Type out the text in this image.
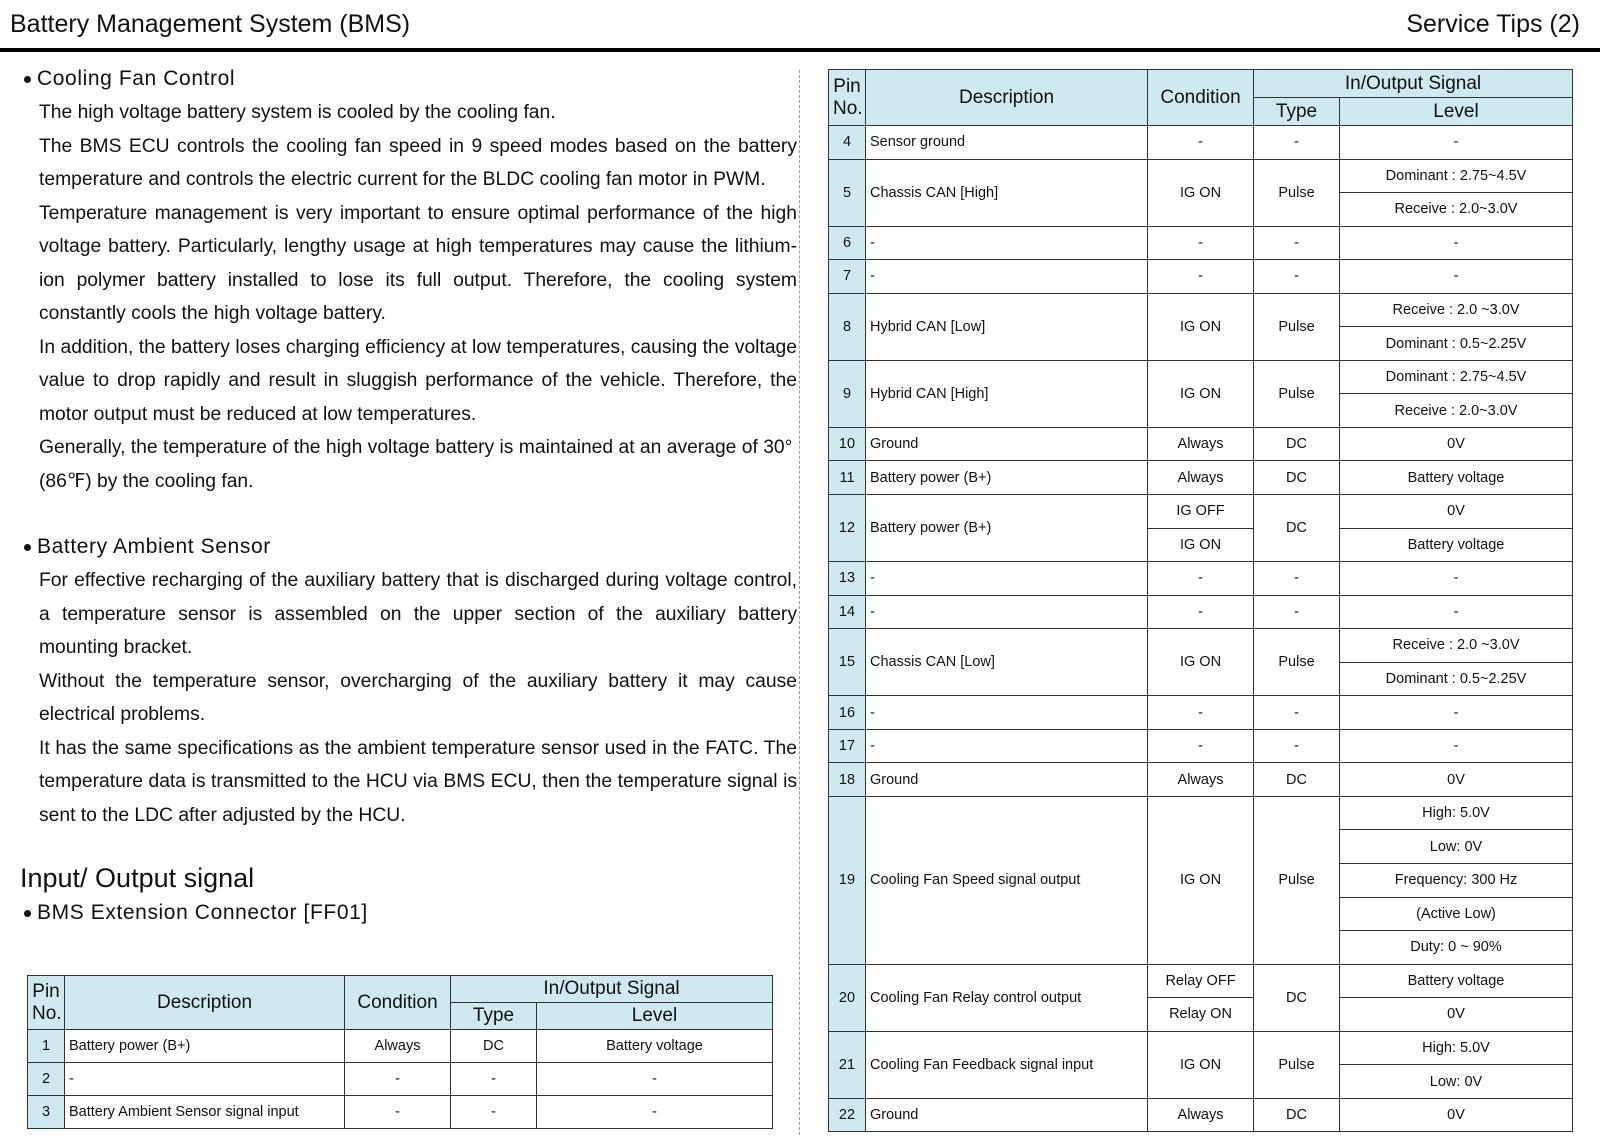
Battery Management System (BMS)	Service Tips (2)
Cooling Fan Control

The high voltage battery system is cooled by the cooling fan.

The BMS ECU controls the cooling fan speed in 9 speed modes based on the battery temperature and controls the electric current for the BLDC cooling fan motor in PWM.

Temperature management is very important to ensure optimal performance of the high voltage battery. Particularly, lengthy usage at high temperatures may cause the lithium-ion polymer battery installed to lose its full output. Therefore, the cooling system constantly cools the high voltage battery.

In addition, the battery loses charging efficiency at low temperatures, causing the voltage value to drop rapidly and result in sluggish performance of the vehicle. Therefore, the motor output must be reduced at low temperatures.

Generally, the temperature of the high voltage battery is maintained at an average of 30°(86℉) by the cooling fan.

Battery Ambient Sensor

For effective recharging of the auxiliary battery that is discharged during voltage control, a temperature sensor is assembled on the upper section of the auxiliary battery mounting bracket.

Without the temperature sensor, overcharging of the auxiliary battery it may cause electrical problems.

It has the same specifications as the ambient temperature sensor used in the FATC. The temperature data is transmitted to the HCU via BMS ECU, then the temperature signal is sent to the LDC after adjusted by the HCU.

Input/ Output signal
BMS Extension Connector [FF01]
Pin
No.	Description	Condition	In/Output Signal	
			Type	Level
1	Battery power (B+)	Always	DC	Battery voltage
2	-	-	-	-
3	Battery Ambient Sensor signal input	-	-	-
Pin
No.	Description	Condition	In/Output Signal	
			Type	Level
4	Sensor ground	-	-	-
5	Chassis CAN [High]	IG ON	Pulse	Dominant : 2.75~4.5V
				Receive : 2.0~3.0V
6	-	-	-	-
7	-	-	-	-
8	Hybrid CAN [Low]	IG ON	Pulse	Receive : 2.0 ~3.0V
				Dominant : 0.5~2.25V
9	Hybrid CAN [High]	IG ON	Pulse	Dominant : 2.75~4.5V
				Receive : 2.0~3.0V
10	Ground	Always	DC	0V
11	Battery power (B+)	Always	DC	Battery voltage
12	Battery power (B+)	IG OFF	DC	0V
		IG ON		Battery voltage
13	-	-	-	-
14	-	-	-	-
15	Chassis CAN [Low]	IG ON	Pulse	Receive : 2.0 ~3.0V
				Dominant : 0.5~2.25V
16	-	-	-	-
17	-	-	-	-
18	Ground	Always	DC	0V
19	Cooling Fan Speed signal output	IG ON	Pulse	High: 5.0V
				Low: 0V
				Frequency: 300 Hz
				(Active Low)
				Duty: 0 ~ 90%
20	Cooling Fan Relay control output	Relay OFF	DC	Battery voltage
		Relay ON		0V
21	Cooling Fan Feedback signal input	IG ON	Pulse	High: 5.0V
				Low: 0V
22	Ground	Always	DC	0V
